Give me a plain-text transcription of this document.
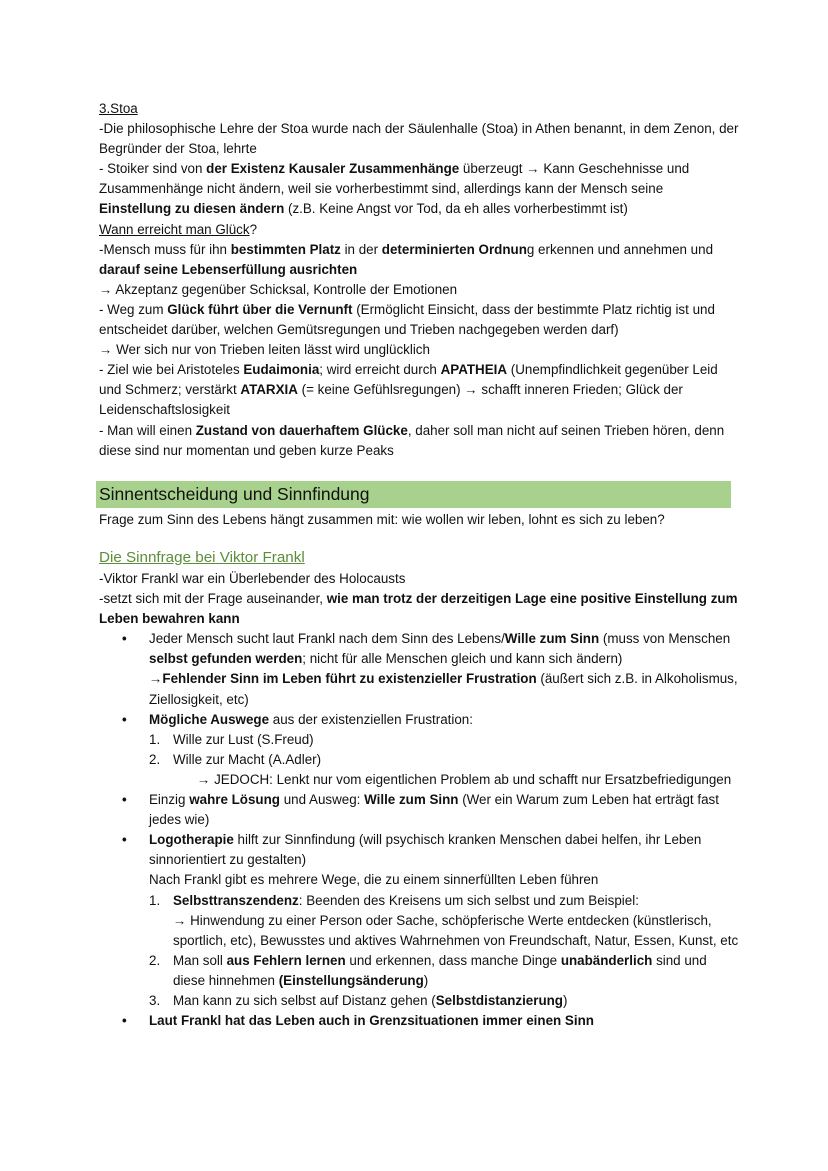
3.Stoa

-Die philosophische Lehre der Stoa wurde nach der Säulenhalle (Stoa) in Athen benannt, in dem Zenon, der Begründer der Stoa, lehrte

- Stoiker sind von der Existenz Kausaler Zusammenhänge überzeugt → Kann Geschehnisse und Zusammenhänge nicht ändern, weil sie vorherbestimmt sind, allerdings kann der Mensch seine Einstellung zu diesen ändern (z.B. Keine Angst vor Tod, da eh alles vorherbestimmt ist)

Wann erreicht man Glück?

-Mensch muss für ihn bestimmten Platz in der determinierten Ordnung erkennen und annehmen und darauf seine Lebenserfüllung ausrichten

→ Akzeptanz gegenüber Schicksal, Kontrolle der Emotionen

- Weg zum Glück führt über die Vernunft (Ermöglicht Einsicht, dass der bestimmte Platz richtig ist und entscheidet darüber, welchen Gemütsregungen und Trieben nachgegeben werden darf)

→ Wer sich nur von Trieben leiten lässt wird unglücklich

- Ziel wie bei Aristoteles Eudaimonia; wird erreicht durch APATHEIA (Unempfindlichkeit gegenüber Leid und Schmerz; verstärkt ATARXIA (= keine Gefühlsregungen) → schafft inneren Frieden; Glück der Leidenschaftslosigkeit

- Man will einen Zustand von dauerhaftem Glücke, daher soll man nicht auf seinen Trieben hören, denn diese sind nur momentan und geben kurze Peaks

Sinnentscheidung und Sinnfindung
Frage zum Sinn des Lebens hängt zusammen mit: wie wollen wir leben, lohnt es sich zu leben?
Die Sinnfrage bei Viktor Frankl

-Viktor Frankl war ein Überlebender des Holocausts

-setzt sich mit der Frage auseinander, wie man trotz der derzeitigen Lage eine positive Einstellung zum Leben bewahren kann

• Jeder Mensch sucht laut Frankl nach dem Sinn des Lebens/Wille zum Sinn (muss von Menschen selbst gefunden werden; nicht für alle Menschen gleich und kann sich ändern)
→Fehlender Sinn im Leben führt zu existenzieller Frustration (äußert sich z.B. in Alkoholismus, Ziellosigkeit, etc)
• Mögliche Auswege aus der existenziellen Frustration:
1. Wille zur Lust (S.Freud)
2. Wille zur Macht (A.Adler)
→ JEDOCH: Lenkt nur vom eigentlichen Problem ab und schafft nur Ersatzbefriedigungen
• Einzig wahre Lösung und Ausweg: Wille zum Sinn (Wer ein Warum zum Leben hat erträgt fast jedes wie)
• Logotherapie hilft zur Sinnfindung (will psychisch kranken Menschen dabei helfen, ihr Leben sinnorientiert zu gestalten)
Nach Frankl gibt es mehrere Wege, die zu einem sinnerfüllten Leben führen
1. Selbsttranszendenz: Beenden des Kreisens um sich selbst und zum Beispiel:
→ Hinwendung zu einer Person oder Sache, schöpferische Werte entdecken (künstlerisch, sportlich, etc), Bewusstes und aktives Wahrnehmen von Freundschaft, Natur, Essen, Kunst, etc
2. Man soll aus Fehlern lernen und erkennen, dass manche Dinge unabänderlich sind und diese hinnehmen (Einstellungsänderung)
3. Man kann zu sich selbst auf Distanz gehen (Selbstdistanzierung)
• Laut Frankl hat das Leben auch in Grenzsituationen immer einen Sinn
